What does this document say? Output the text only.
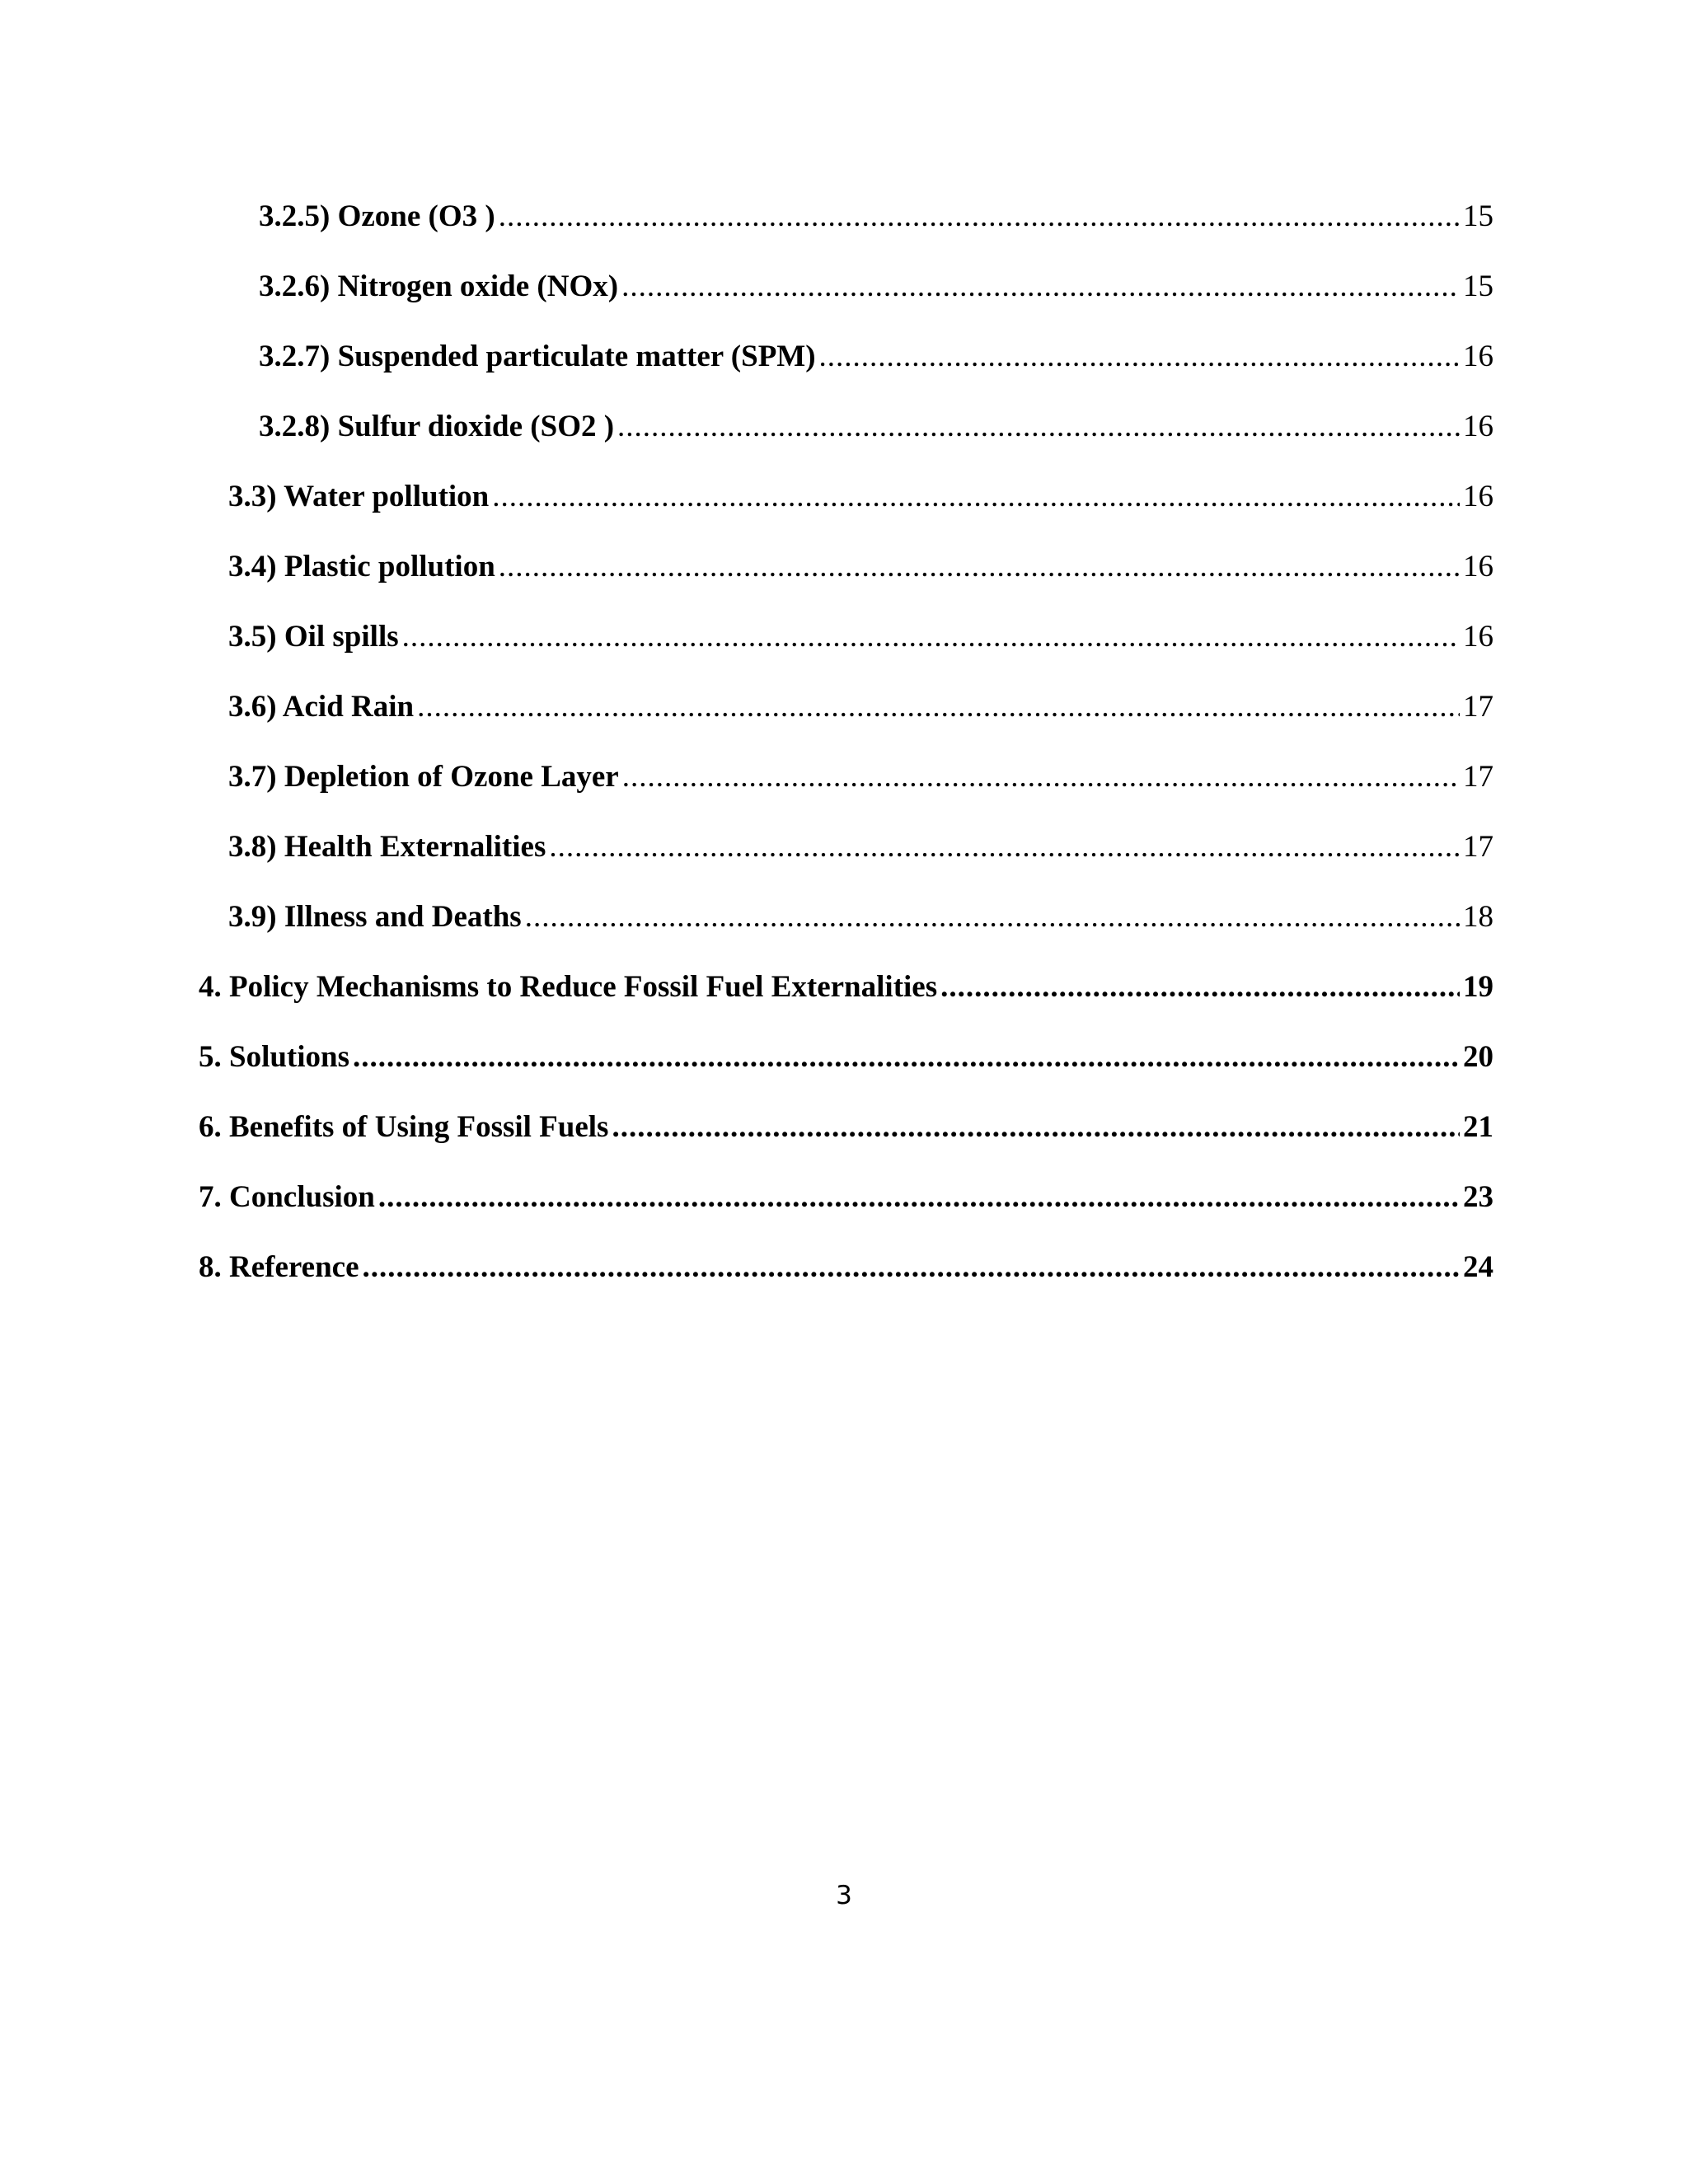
3.2.5) Ozone (O3 ) .....	15
3.2.6) Nitrogen oxide (NOx) .....	15
3.2.7) Suspended particulate matter (SPM) .....	16
3.2.8) Sulfur dioxide (SO2 ) .....	16
3.3) Water pollution .....	16
3.4) Plastic pollution .....	16
3.5) Oil spills .....	16
3.6) Acid Rain .....	17
3.7) Depletion of Ozone Layer .....	17
3.8) Health Externalities .....	17
3.9) Illness and Deaths .....	18
4. Policy Mechanisms to Reduce Fossil Fuel Externalities .....	19
5. Solutions .....	20
6. Benefits of Using Fossil Fuels .....	21
7. Conclusion .....	23
8. Reference .....	24
3
